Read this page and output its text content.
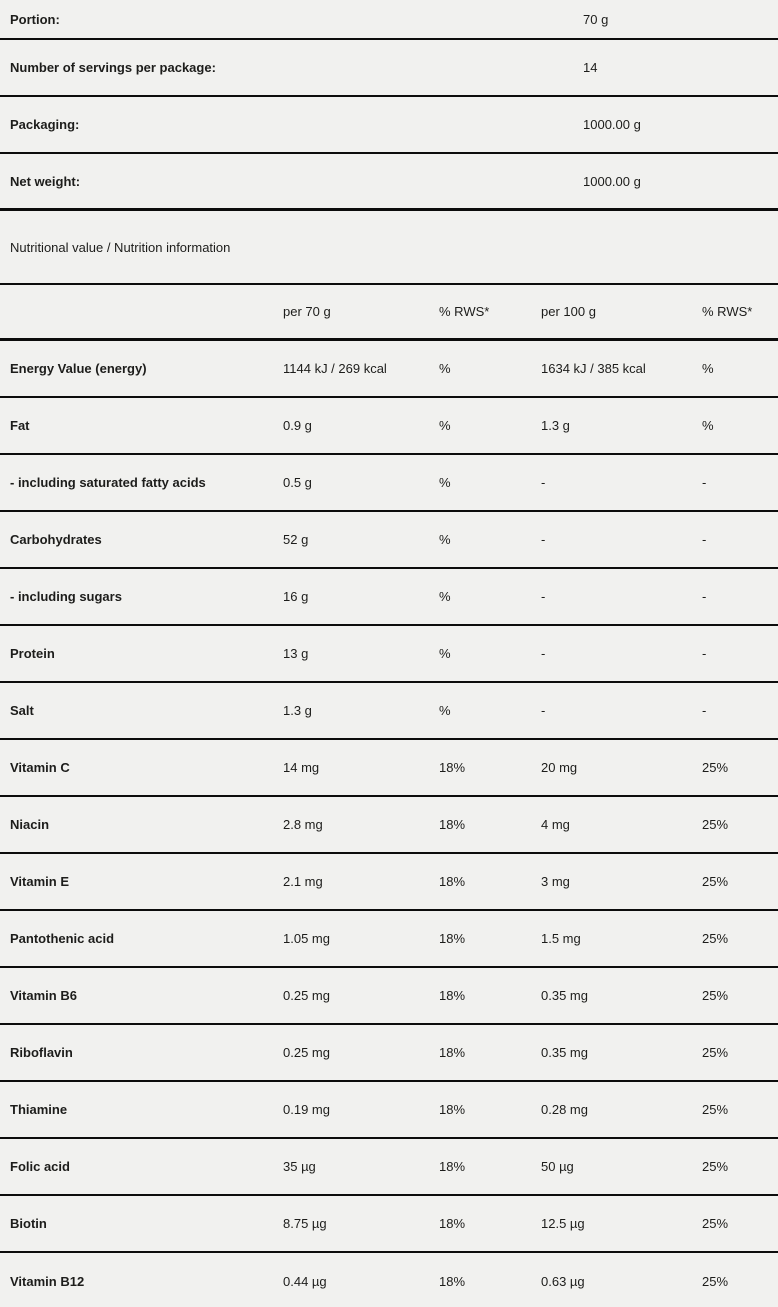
Portion:	70 g
Number of servings per package:	14
Packaging:	1000.00 g
Net weight:	1000.00 g
Nutritional value / Nutrition information
per 70 g	% RWS*	per 100 g	% RWS*
Energy Value (energy)	1144 kJ / 269 kcal	%	1634 kJ / 385 kcal	%
Fat	0.9 g	%	1.3 g	%
- including saturated fatty acids	0.5 g	%	-	-
Carbohydrates	52 g	%	-	-
- including sugars	16 g	%	-	-
Protein	13 g	%	-	-
Salt	1.3 g	%	-	-
Vitamin C	14 mg	18%	20 mg	25%
Niacin	2.8 mg	18%	4 mg	25%
Vitamin E	2.1 mg	18%	3 mg	25%
Pantothenic acid	1.05 mg	18%	1.5 mg	25%
Vitamin B6	0.25 mg	18%	0.35 mg	25%
Riboflavin	0.25 mg	18%	0.35 mg	25%
Thiamine	0.19 mg	18%	0.28 mg	25%
Folic acid	35 µg	18%	50 µg	25%
Biotin	8.75 µg	18%	12.5 µg	25%
Vitamin B12	0.44 µg	18%	0.63 µg	25%
